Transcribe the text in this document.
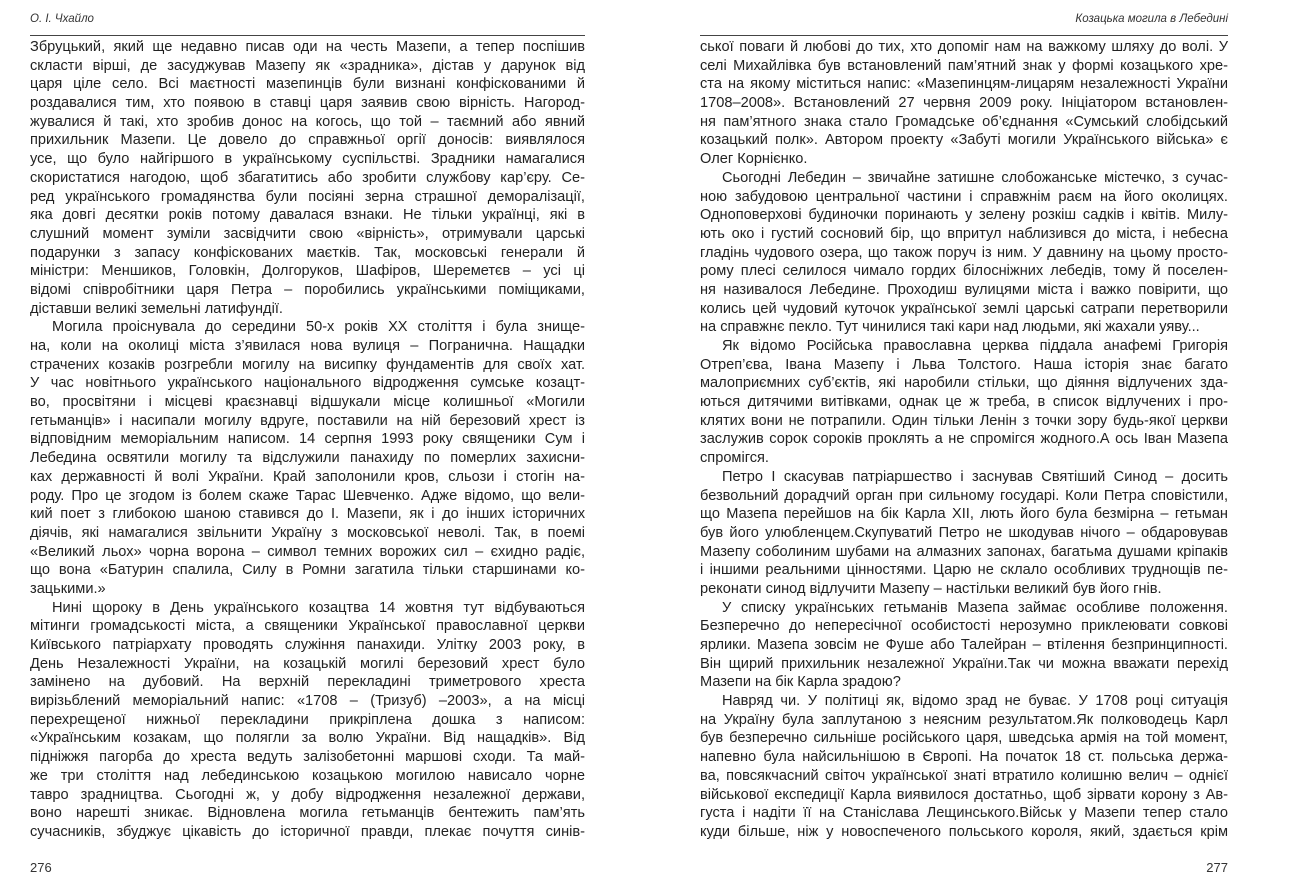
О. І. Чхайло
Збруцький, який ще недавно писав оди на честь Мазепи, а тепер поспішив
скласти вірші, де засуджував Мазепу як «зрадника», дістав у дарунок від
царя ціле село. Всі маєтності мазепинців були визнані конфіскованими й
роздавалися тим, хто появою в ставці царя заявив свою вірність. Нагород-
жувалися й такі, хто зробив донос на когось, що той – таємний або явний
прихильник Мазепи. Це довело до справжньої оргії доносів: виявлялося
усе, що було найгіршого в українському суспільстві. Зрадники намагалися
скористатися нагодою, щоб збагатитись або зробити службову кар’єру. Се-
ред українського громадянства були посіяні зерна страшної деморалізації,
яка довгі десятки років потому давалася взнаки. Не тільки українці, які в
слушний момент зуміли засвідчити свою «вірність», отримували царські
подарунки з запасу конфіскованих маєтків. Так, московські генерали й
міністри: Меншиков, Головкін, Долгоруков, Шафіров, Шереметєв – усі ці
відомі співробітники царя Петра – поробились українськими поміщиками,
діставши великі земельні латифундії.
Могила проіснувала до середини 50-х років XX століття і була знище-
на, коли на околиці міста з’явилася нова вулиця – Погранична. Нащадки
страчених козаків розгребли могилу на висипку фундаментів для своїх хат.
У час новітнього українського національного відродження сумське козацт-
во, просвітяни і місцеві краєзнавці відшукали місце колишньої «Могили
гетьманців» і насипали могилу вдруге, поставили на ній березовий хрест із
відповідним меморіальним написом. 14 серпня 1993 року священики Сум і
Лебедина освятили могилу та відслужили панахиду по померлих захисни-
ках державності й волі України. Край заполонили кров, сльози і стогін на-
роду. Про це згодом із болем скаже Тарас Шевченко. Адже відомо, що вели-
кий поет з глибокою шаною ставився до І. Мазепи, як і до інших історичних
діячів, які намагалися звільнити Україну з московської неволі. Так, в поемі
«Великий льох» чорна ворона – символ темних ворожих сил – єхидно радіє,
що вона «Батурин спалила, Силу в Ромни загатила тільки старшинами ко-
зацькими.»
Нині щороку в День українського козацтва 14 жовтня тут відбуваються
мітинги громадськості міста, а священики Української православної церкви
Київського патріархату проводять служіння панахиди. Улітку 2003 року, в
День Незалежності України, на козацькій могилі березовий хрест було
замінено на дубовий. На верхній перекладині триметрового хреста
вирізьблений меморіальний напис: «1708 – (Тризуб) –2003», а на місці
перехрещеної нижньої перекладини прикріплена дошка з написом:
«Українським козакам, що полягли за волю України. Від нащадків». Від
підніжжя пагорба до хреста ведуть залізобетонні маршові сходи. Та май-
же три століття над лебединською козацькою могилою нависало чорне
тавро зрадництва. Сьогодні ж, у добу відродження незалежної держави,
воно нарешті зникає. Відновлена могила гетьманців бентежить пам’ять
сучасників, збуджує цікавість до історичної правди, плекає почуття синів-
276
Козацька могила в Лебедині
ської поваги й любові до тих, хто допоміг нам на важкому шляху до волі. У
селі Михайлівка був встановлений пам’ятний знак у формі козацького хре-
ста на якому міститься напис: «Мазепинцям-лицарям незалежності України
1708–2008». Встановлений 27 червня 2009 року. Ініціатором встановлен-
ня пам’ятного знака стало Громадське об’єднання «Сумський слобідський
козацький полк». Автором проекту «Забуті могили Українського війська» є
Олег Корнієнко.
Сьогодні Лебедин – звичайне затишне слобожанське містечко, з сучас-
ною забудовою центральної частини і справжнім раєм на його околицях.
Одноповерхові будиночки поринають у зелену розкіш садків і квітів. Милу-
ють око і густий сосновий бір, що впритул наблизився до міста, і небесна
гладінь чудового озера, що також поруч із ним. У давнину на цьому просто-
рому плесі селилося чимало гордих білосніжних лебедів, тому й поселен-
ня називалося Лебедине. Проходиш вулицями міста і важко повірити, що
колись цей чудовий куточок української землі царські сатрапи перетворили
на справжнє пекло. Тут чинилися такі кари над людьми, які жахали уяву...
Як відомо Російська православна церква піддала анафемі Григорія
Отреп’єва, Івана Мазепу і Льва Толстого. Наша історія знає багато
малоприємних суб’єктів, які наробили стільки, що діяння відлучених зда-
ються дитячими витівками, однак це ж треба, в список відлучених і про-
клятих вони не потрапили. Один тільки Ленін з точки зору будь-якої церкви
заслужив сорок сороків проклять а не спромігся жодного.А ось Іван Мазепа
спромігся.
Петро І скасував патріаршество і заснував Святіший Синод – досить
безвольний дорадчий орган при сильному государі. Коли Петра сповістили,
що Мазепа перейшов на бік Карла XII, лють його була безмірна – гетьман
був його улюбленцем.Скупуватий Петро не шкодував нічого – обдаровував
Мазепу соболиним шубами на алмазних запонах, багатьма душами кріпаків
і іншими реальними цінностями. Царю не склало особливих труднощів пе-
реконати синод відлучити Мазепу – настільки великий був його гнів.
У списку українських гетьманів Мазепа займає особливе положення.
Безперечно до непересічної особистості нерозумно приклеювати совкові
ярлики. Мазепа зовсім не Фуше або Талейран – втілення безпринципності.
Він щирий прихильник незалежної України.Так чи можна вважати перехід
Мазепи на бік Карла зрадою?
Навряд чи. У політиці як, відомо зрад не буває. У 1708 році ситуація
на Україну була заплутаною з неясним результатом.Як полководець Карл
був безперечно сильніше російського царя, шведська армія на той момент,
напевно була найсильнішою в Європі. На початок 18 ст. польська держа-
ва, повсякчасний світоч української знаті втратило колишню велич – однієї
військової експедиції Карла виявилося достатньо, щоб зірвати корону з Ав-
густа і надіти її на Станіслава Лещинського.Військ у Мазепи тепер стало
куди більше, ніж у новоспеченого польського короля, який, здається крім
277
